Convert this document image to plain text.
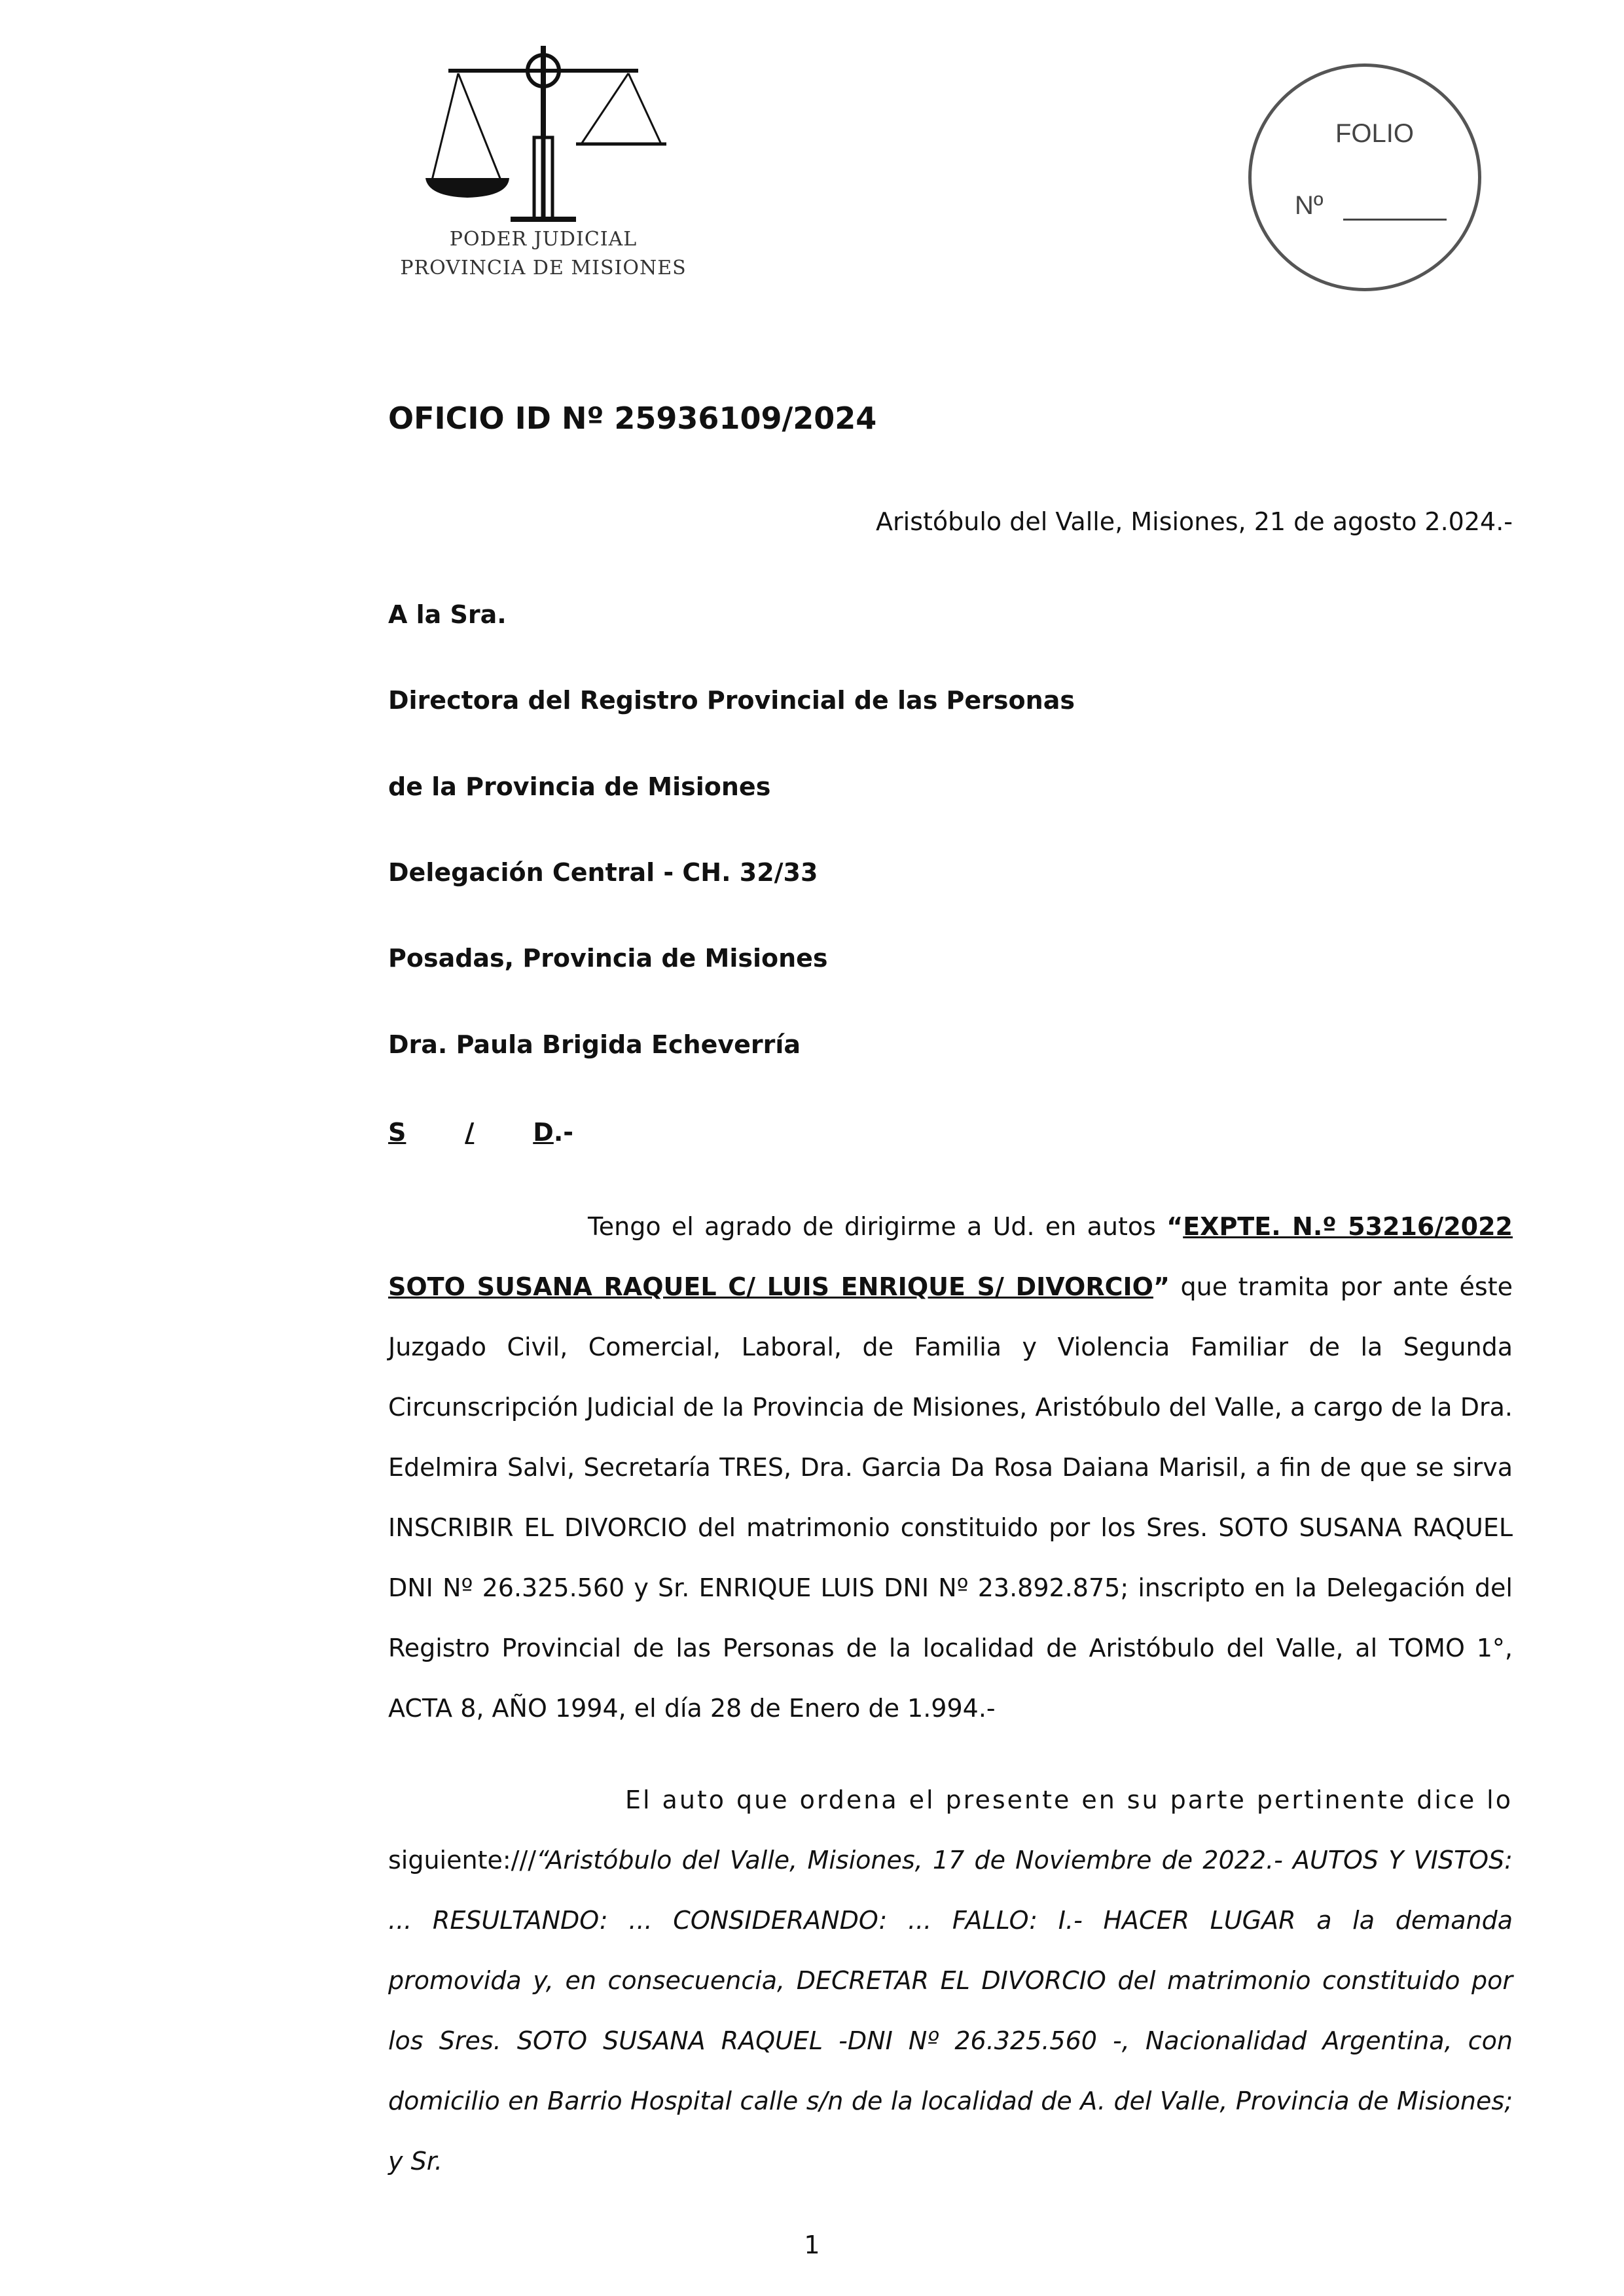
PODER JUDICIAL
PROVINCIA DE MISIONES
FOLIO
Nº
OFICIO ID Nº 25936109/2024
Aristóbulo del Valle, Misiones, 21 de agosto 2.024.-
A la Sra.
Directora del Registro Provincial de las Personas
de la Provincia de Misiones
Delegación Central - CH. 32/33
Posadas, Provincia de Misiones
Dra. Paula Brigida Echeverría
S / D.-
Tengo el agrado de dirigirme a Ud. en autos “EXPTE. N.º 53216/2022 SOTO SUSANA RAQUEL C/ LUIS ENRIQUE S/ DIVORCIO” que tramita por ante éste Juzgado Civil, Comercial, Laboral, de Familia y Violencia Familiar de la Segunda Circunscripción Judicial de la Provincia de Misiones, Aristóbulo del Valle, a cargo de la Dra. Edelmira Salvi, Secretaría TRES, Dra. Garcia Da Rosa Daiana Marisil, a fin de que se sirva INSCRIBIR EL DIVORCIO del matrimonio constituido por los Sres. SOTO SUSANA RAQUEL DNI Nº 26.325.560 y Sr. ENRIQUE LUIS DNI Nº 23.892.875; inscripto en la Delegación del Registro Provincial de las Personas de la localidad de Aristóbulo del Valle, al TOMO 1°, ACTA 8, AÑO 1994, el día 28 de Enero de 1.994.-
El auto que ordena el presente en su parte pertinente dice lo siguiente:///“Aristóbulo del Valle, Misiones, 17 de Noviembre de 2022.- AUTOS Y VISTOS: ... RESULTANDO: ... CONSIDERANDO: ... FALLO: I.- HACER LUGAR a la demanda promovida y, en consecuencia, DECRETAR EL DIVORCIO del matrimonio constituido por los Sres. SOTO SUSANA RAQUEL -DNI Nº 26.325.560 -, Nacionalidad Argentina, con domicilio en Barrio Hospital calle s/n de la localidad de A. del Valle, Provincia de Misiones; y Sr.
1
